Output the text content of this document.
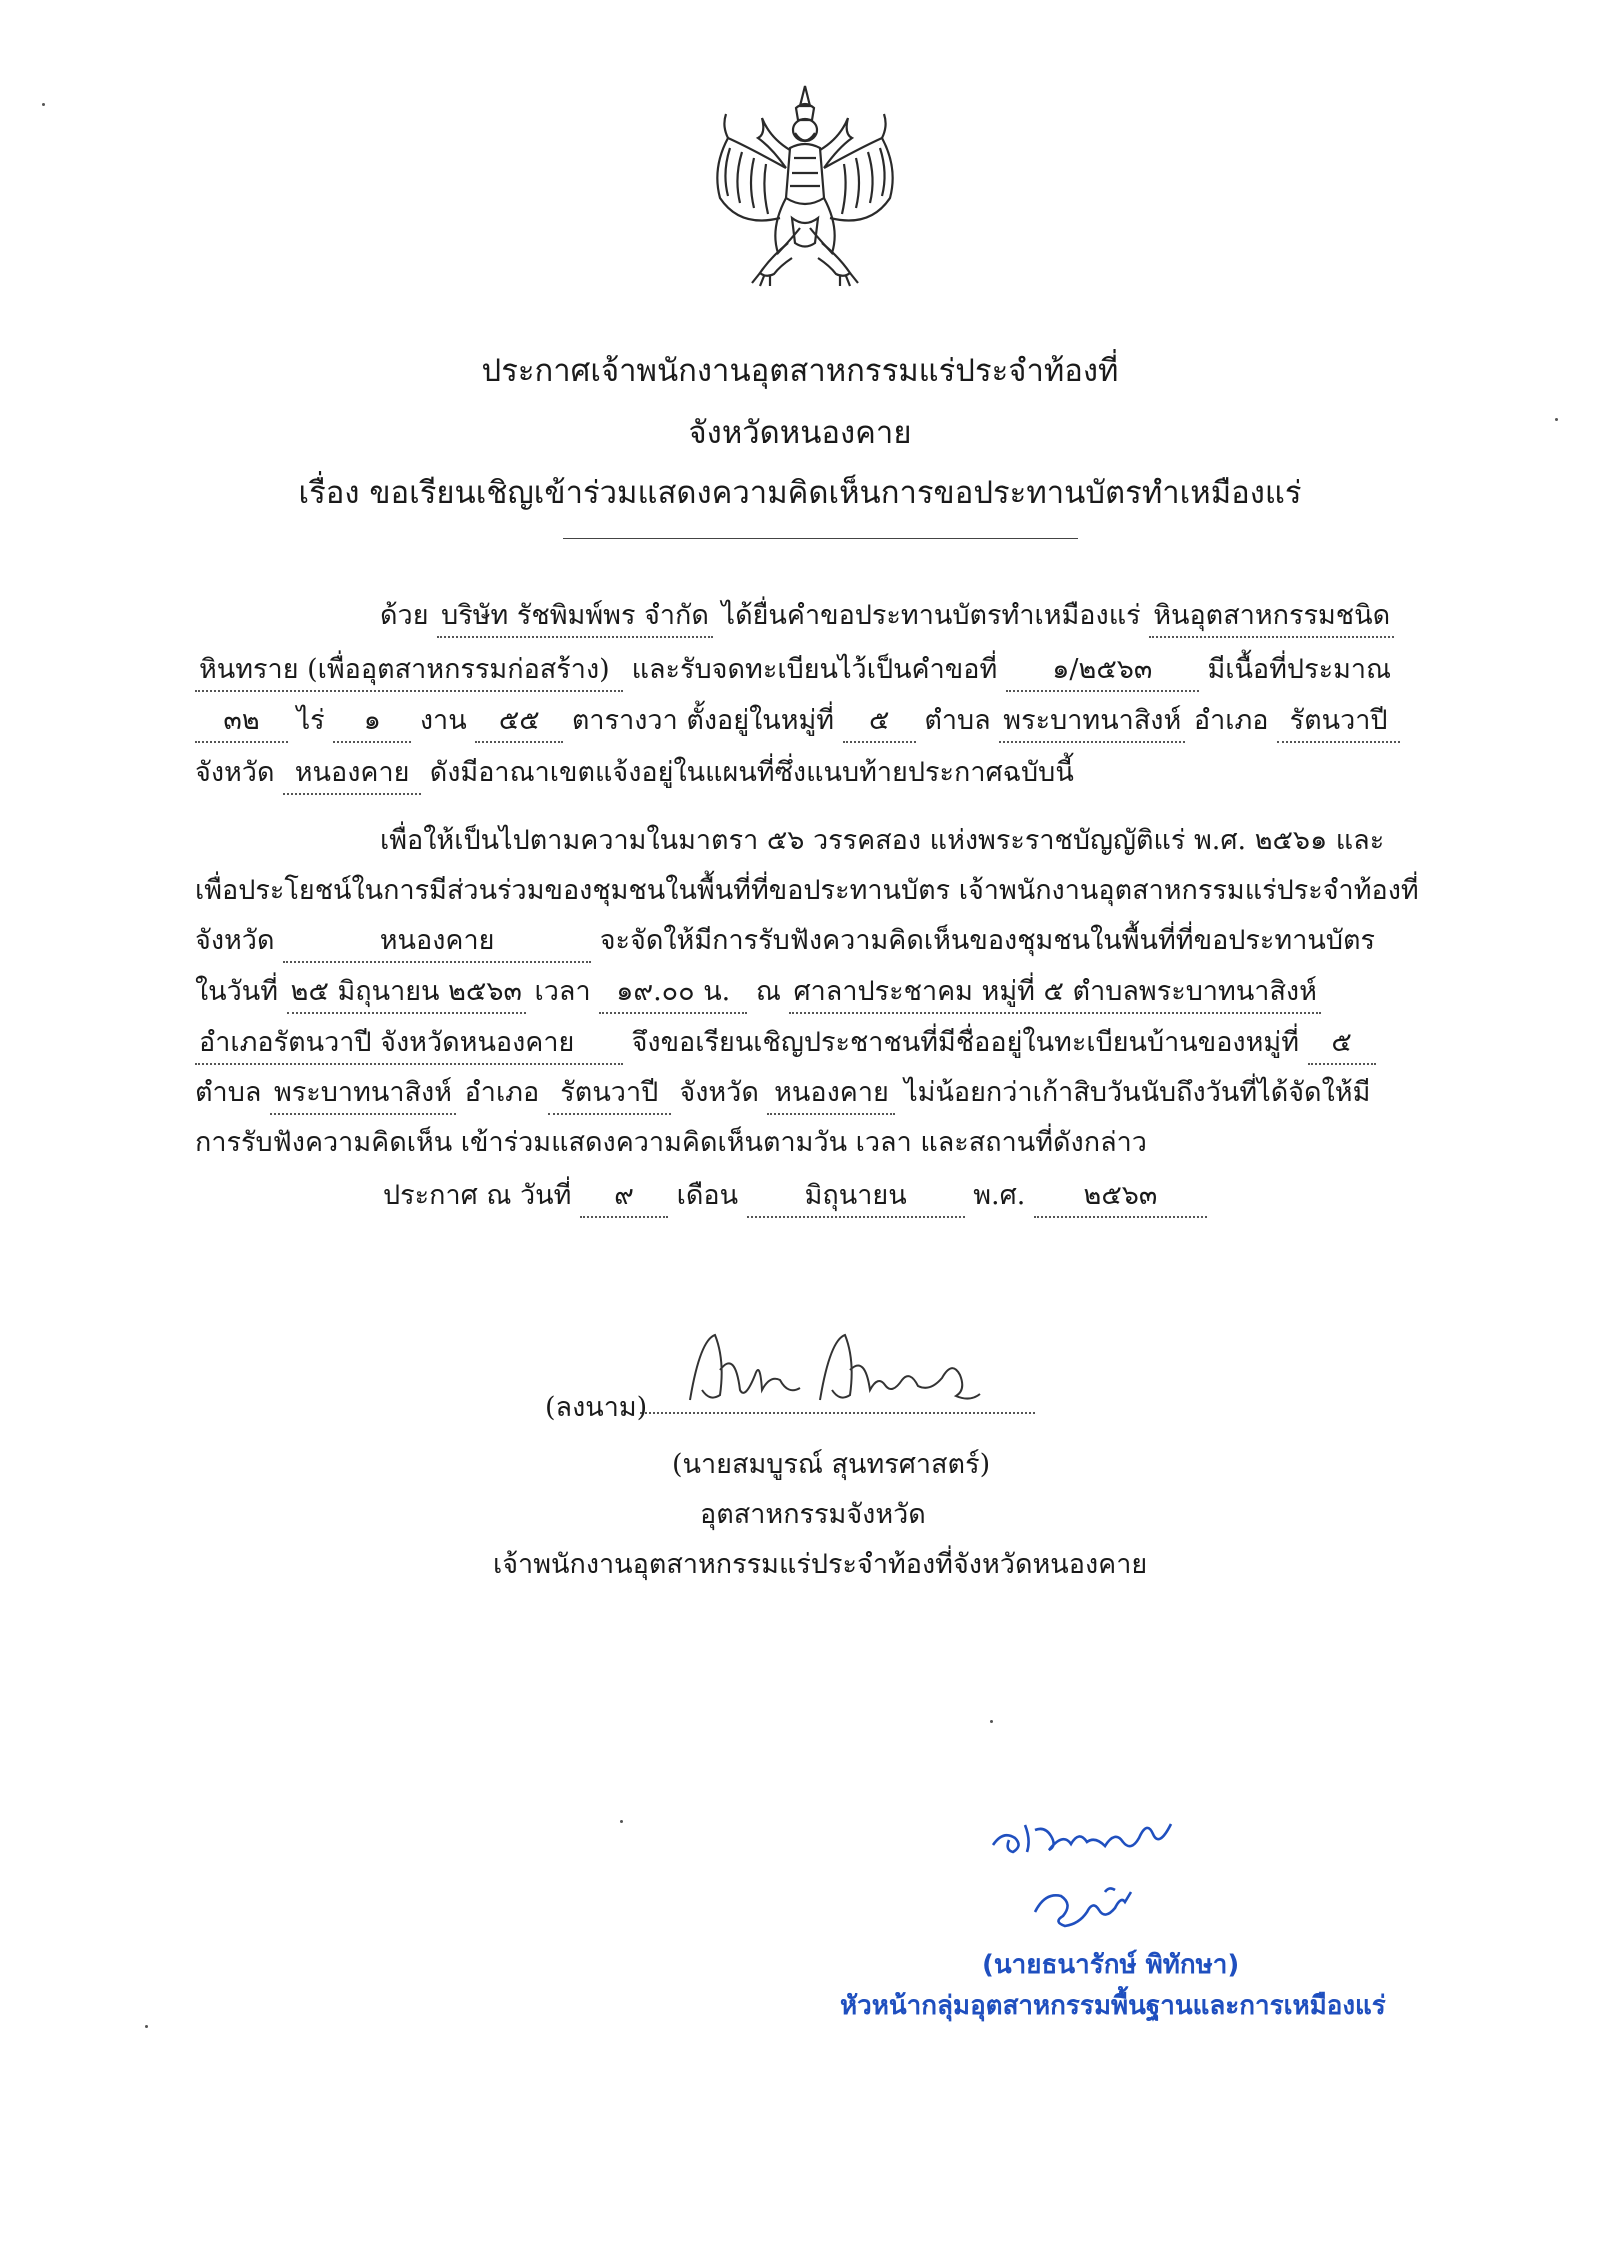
ประกาศเจ้าพนักงานอุตสาหกรรมแร่ประจำท้องที่
จังหวัดหนองคาย
เรื่อง ขอเรียนเชิญเข้าร่วมแสดงความคิดเห็นการขอประทานบัตรทำเหมืองแร่
ด้วย บริษัท รัชพิมพ์พร จำกัด ได้ยื่นคำขอประทานบัตรทำเหมืองแร่ หินอุตสาหกรรมชนิด
หินทราย (เพื่ออุตสาหกรรมก่อสร้าง) และรับจดทะเบียนไว้เป็นคำขอที่ ๑/๒๕๖๓ มีเนื้อที่ประมาณ
๓๒ ไร่ ๑ งาน ๕๕ ตารางวา ตั้งอยู่ในหมู่ที่ ๕ ตำบล พระบาทนาสิงห์ อำเภอ รัตนวาปี
จังหวัด หนองคาย ดังมีอาณาเขตแจ้งอยู่ในแผนที่ซึ่งแนบท้ายประกาศฉบับนี้
เพื่อให้เป็นไปตามความในมาตรา ๕๖ วรรคสอง แห่งพระราชบัญญัติแร่ พ.ศ. ๒๕๖๑ และ
เพื่อประโยชน์ในการมีส่วนร่วมของชุมชนในพื้นที่ที่ขอประทานบัตร เจ้าพนักงานอุตสาหกรรมแร่ประจำท้องที่
จังหวัด	หนองคาย	จะจัดให้มีการรับฟังความคิดเห็นของชุมชนในพื้นที่ที่ขอประทานบัตร
ในวันที่ ๒๕ มิถุนายน ๒๕๖๓ เวลา ๑๙.๐๐ น. ณ ศาลาประชาคม หมู่ที่ ๕ ตำบลพระบาทนาสิงห์
อำเภอรัตนวาปี จังหวัดหนองคาย จึงขอเรียนเชิญประชาชนที่มีชื่ออยู่ในทะเบียนบ้านของหมู่ที่ ๕
ตำบล พระบาทนาสิงห์ อำเภอ รัตนวาปี จังหวัด หนองคาย ไม่น้อยกว่าเก้าสิบวันนับถึงวันที่ได้จัดให้มี
การรับฟังความคิดเห็น เข้าร่วมแสดงความคิดเห็นตามวัน เวลา และสถานที่ดังกล่าว
ประกาศ ณ วันที่ ๙ เดือน มิถุนายน พ.ศ. ๒๕๖๓
(ลงนาม)
(นายสมบูรณ์ สุนทรศาสตร์)
อุตสาหกรรมจังหวัด
เจ้าพนักงานอุตสาหกรรมแร่ประจำท้องที่จังหวัดหนองคาย
(นายธนารักษ์ พิทักษา)
หัวหน้ากลุ่มอุตสาหกรรมพื้นฐานและการเหมืองแร่
